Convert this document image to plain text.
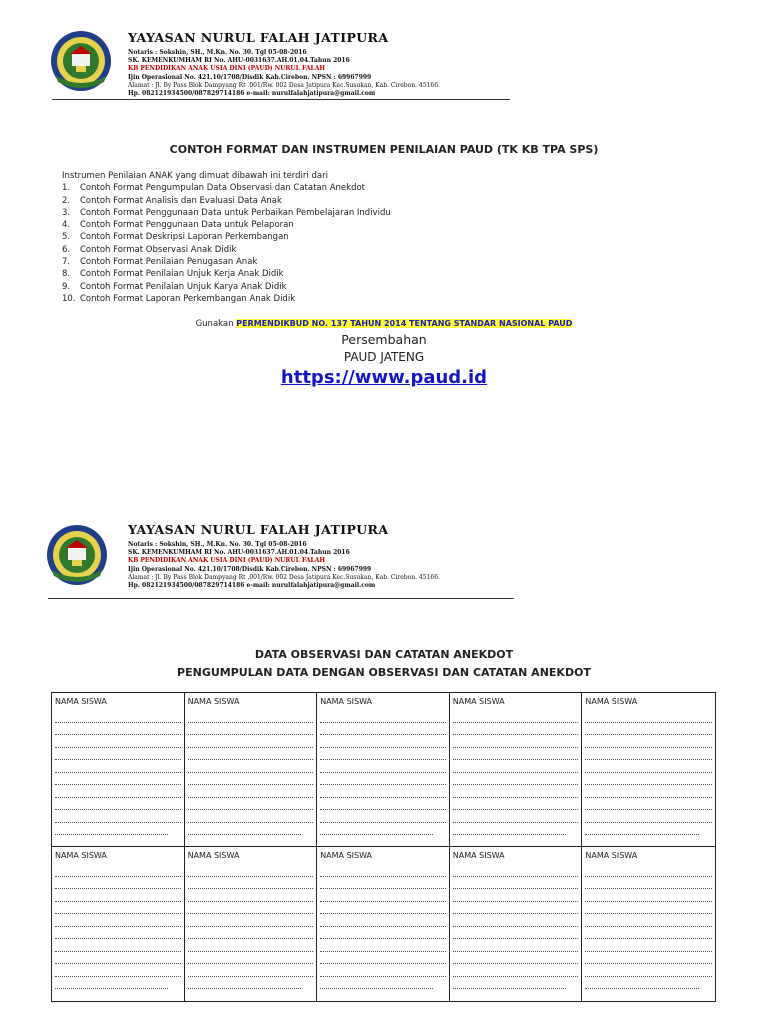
YAYASAN NURUL FALAH JATIPURA
Notaris : Sokshin, SH., M.Kn. No. 30. Tgl 05-08-2016
SK. KEMENKUMHAM RI No. AHU-0031637.AH.01.04.Tahun 2016
KB PENDIDIKAN ANAK USIA DINI (PAUD) NURUL FALAH
Ijin Operasional No. 421.10/1708/Disdik Kab.Cirebon. NPSN : 69967999
Alamat : Jl. By Pass Blok Dampyang Rt .001/Rw. 002 Desa Jatipura Kec.Susukan, Kab. Cirebon. 45166.
Hp. 082121934500/087829714186 e-mail: nurulfalahjatipura@gmail.com
CONTOH FORMAT DAN INSTRUMEN PENILAIAN PAUD (TK KB TPA SPS)
Instrumen Penilaian ANAK yang dimuat dibawah ini terdiri dari
1. Contoh Format Pengumpulan Data Observasi dan Catatan Anekdot
2. Contoh Format Analisis dan Evaluasi Data Anak
3. Contoh Format Penggunaan Data untuk Perbaikan Pembelajaran Individu
4. Contoh Format Penggunaan Data untuk Pelaporan
5. Contoh Format Deskripsi Laporan Perkembangan
6. Contoh Format Observasi Anak Didik
7. Contoh Format Penilaian Penugasan Anak
8. Contoh Format Penilaian Unjuk Kerja Anak Didik
9. Contoh Format Penilaian Unjuk Karya Anak Didik
10. Contoh Format Laporan Perkembangan Anak Didik
Gunakan PERMENDIKBUD NO. 137 TAHUN 2014 TENTANG STANDAR NASIONAL PAUD
Persembahan
PAUD JATENG
https://www.paud.id
YAYASAN NURUL FALAH JATIPURA
Notaris : Sokshin, SH., M.Kn. No. 30. Tgl 05-08-2016
SK. KEMENKUMHAM RI No. AHU-0031637.AH.01.04.Tahun 2016
KB PENDIDIKAN ANAK USIA DINI (PAUD) NURUL FALAH
Ijin Operasional No. 421.10/1708/Disdik Kab.Cirebon. NPSN : 69967999
Alamat : Jl. By Pass Blok Dampyang Rt .001/Rw. 002 Desa Jatipura Kec.Susukan, Kab. Cirebon. 45166.
Hp. 082121934500/087829714186 e-mail: nurulfalahjatipura@gmail.com
DATA OBSERVASI DAN CATATAN ANEKDOT
PENGUMPULAN DATA DENGAN OBSERVASI DAN CATATAN ANEKDOT
NAMA SISWA	NAMA SISWA	NAMA SISWA	NAMA SISWA	NAMA SISWA
NAMA SISWA	NAMA SISWA	NAMA SISWA	NAMA SISWA	NAMA SISWA
